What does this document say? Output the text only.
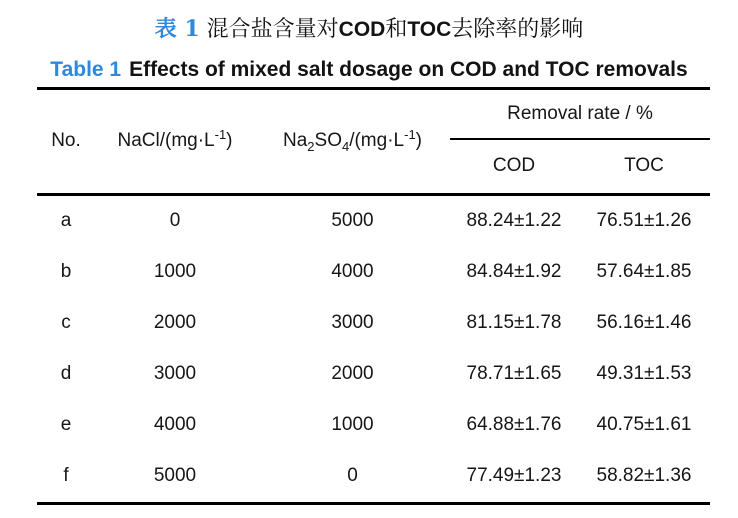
表 1 混合盐含量对COD和TOC去除率的影响
Table 1 Effects of mixed salt dosage on COD and TOC removals
No.	NaCl/$(mg\cdot L^{-1})$	$Na_2SO_4/(mg\cdot L^{-1})$	Removal rate / %	
			COD	TOC
a	0	5000	88.24±1.22	76.51±1.26
b	1000	4000	84.84±1.92	57.64±1.85
c	2000	3000	81.15±1.78	56.16±1.46
d	3000	2000	78.71±1.65	49.31±1.53
e	4000	1000	64.88±1.76	40.75±1.61
f	5000	0	77.49±1.23	58.82±1.36
